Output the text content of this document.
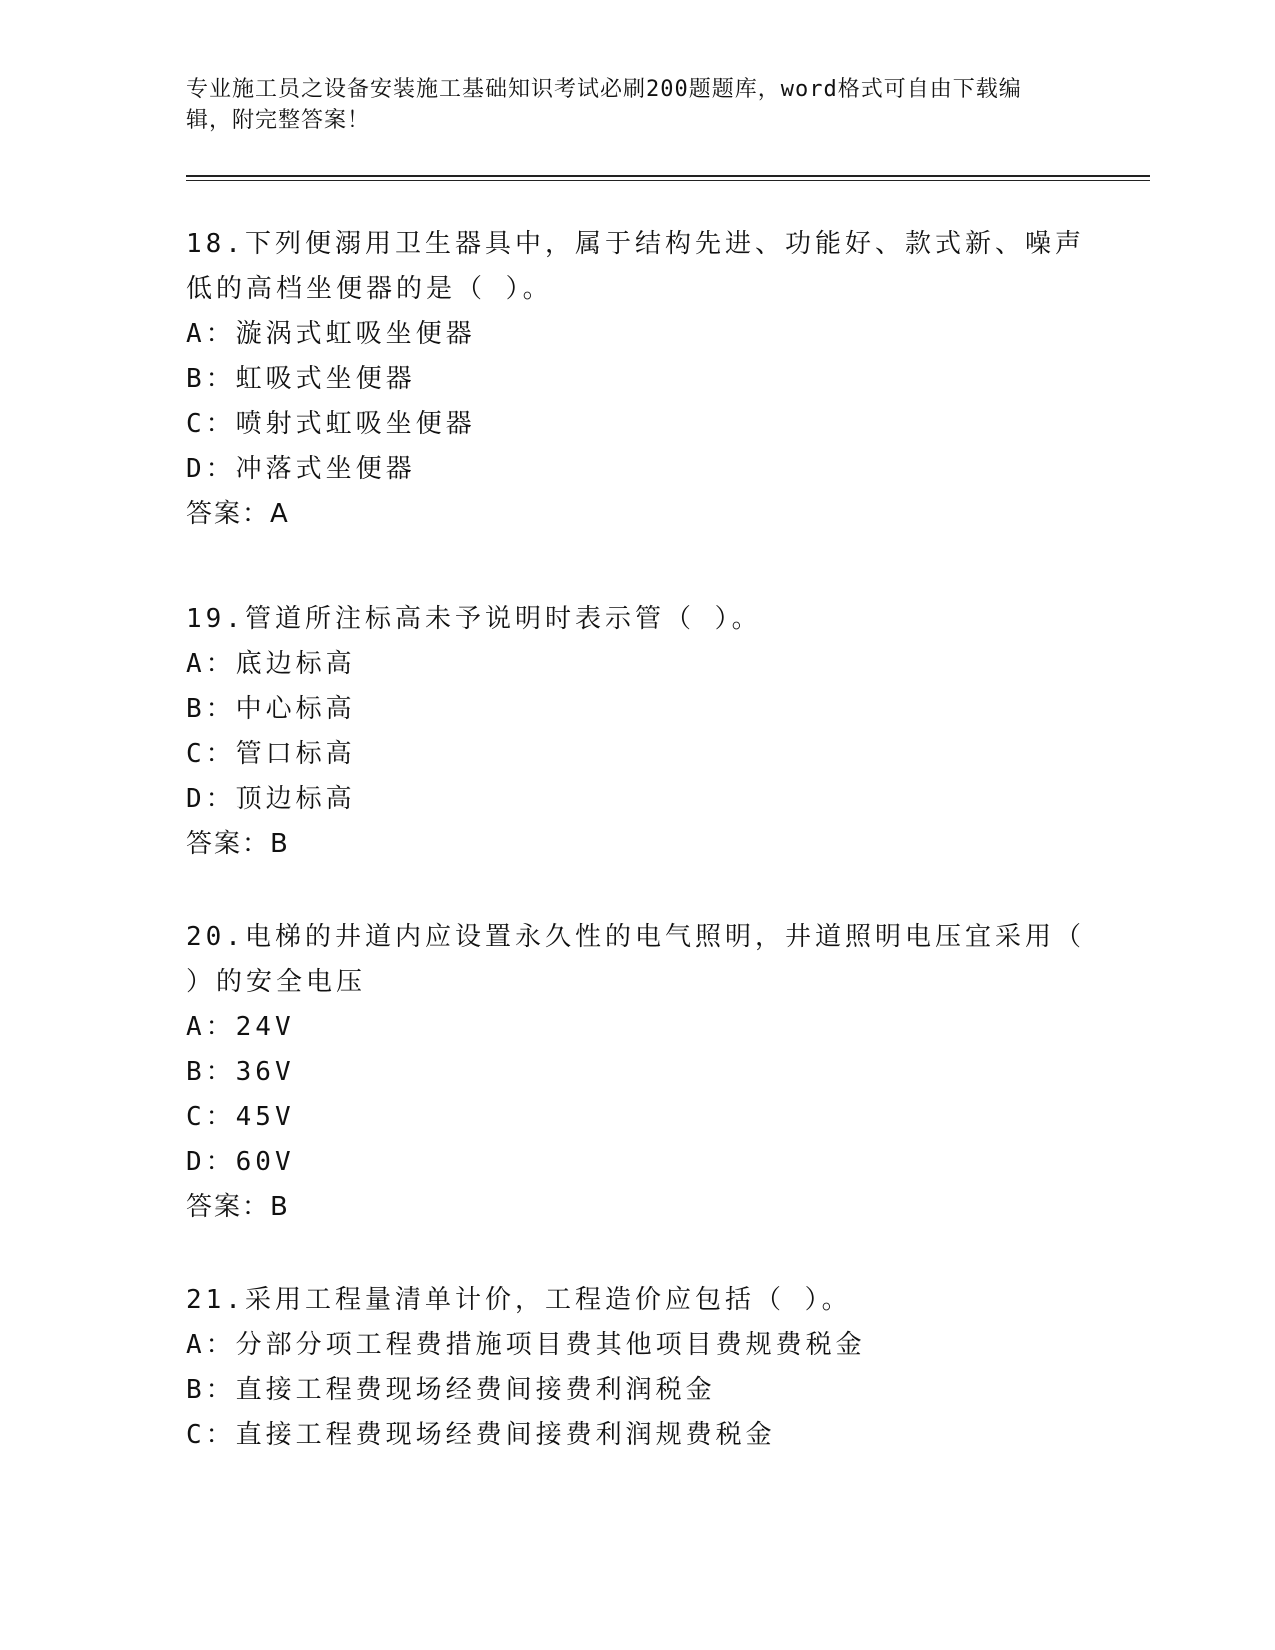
专业施工员之设备安装施工基础知识考试必刷200题题库，word格式可自由下载编辑，附完整答案！

18.下列便溺用卫生器具中，属于结构先进、功能好、款式新、噪声低的高档坐便器的是（ ）。

A：漩涡式虹吸坐便器

B：虹吸式坐便器

C：喷射式虹吸坐便器

D：冲落式坐便器

答案：A

19.管道所注标高未予说明时表示管（ ）。

A：底边标高

B：中心标高

C：管口标高

D：顶边标高

答案：B

20.电梯的井道内应设置永久性的电气照明，井道照明电压宜采用（ ）的安全电压

A：24V

B：36V

C：45V

D：60V

答案：B

21.采用工程量清单计价，工程造价应包括（ ）。

A：分部分项工程费措施项目费其他项目费规费税金

B：直接工程费现场经费间接费利润税金

C：直接工程费现场经费间接费利润规费税金
